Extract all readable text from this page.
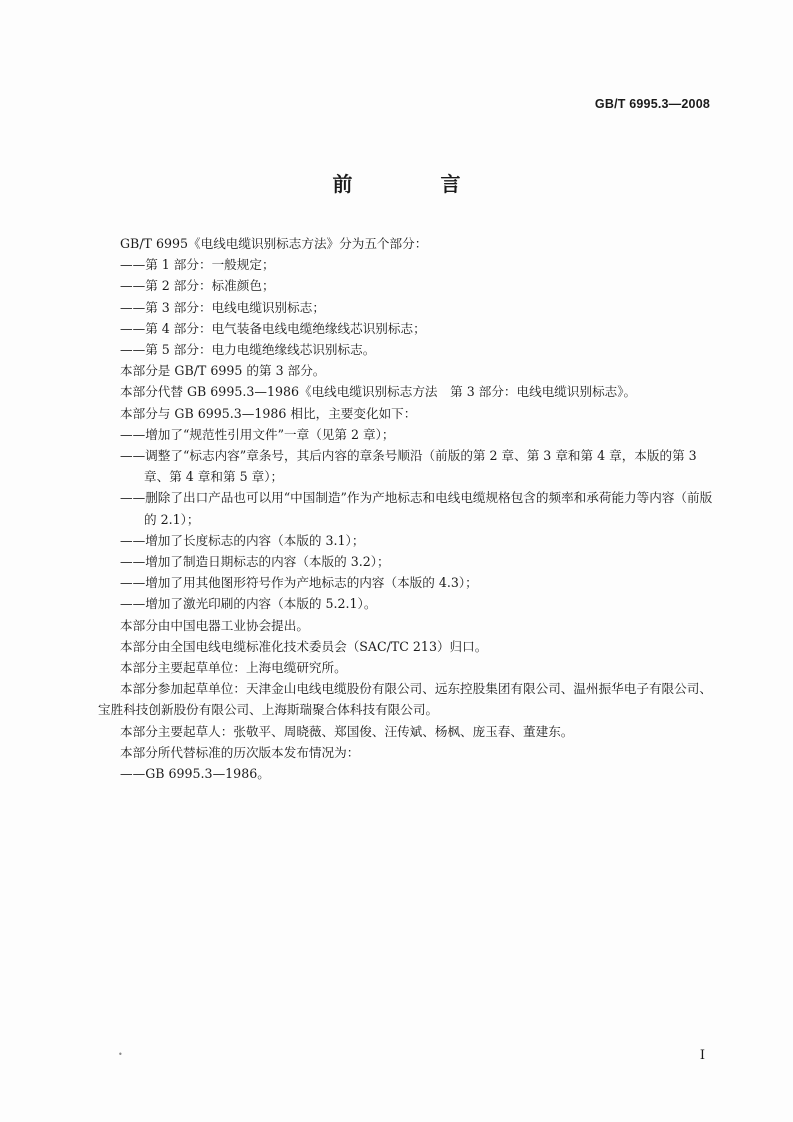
GB/T 6995.3—2008
前　言

GB/T 6995《电线电缆识别标志方法》分为五个部分：

——第 1 部分：一般规定；

——第 2 部分：标准颜色；

——第 3 部分：电线电缆识别标志；

——第 4 部分：电气装备电线电缆绝缘线芯识别标志；

——第 5 部分：电力电缆绝缘线芯识别标志。

本部分是 GB/T 6995 的第 3 部分。

本部分代替 GB 6995.3—1986《电线电缆识别标志方法　第 3 部分：电线电缆识别标志》。

本部分与 GB 6995.3—1986 相比，主要变化如下：

——增加了“规范性引用文件”一章（见第 2 章）；

——调整了“标志内容”章条号，其后内容的章条号顺沿（前版的第 2 章、第 3 章和第 4 章，本版的第 3 章、第 4 章和第 5 章）；

——删除了出口产品也可以用“中国制造”作为产地标志和电线电缆规格包含的频率和承荷能力等内容（前版的 2.1）；

——增加了长度标志的内容（本版的 3.1）；

——增加了制造日期标志的内容（本版的 3.2）；

——增加了用其他图形符号作为产地标志的内容（本版的 4.3）；

——增加了激光印刷的内容（本版的 5.2.1）。

本部分由中国电器工业协会提出。

本部分由全国电线电缆标准化技术委员会（SAC/TC 213）归口。

本部分主要起草单位：上海电缆研究所。

本部分参加起草单位：天津金山电线电缆股份有限公司、远东控股集团有限公司、温州振华电子有限公司、宝胜科技创新股份有限公司、上海斯瑞聚合体科技有限公司。

本部分主要起草人：张敬平、周晓薇、郑国俊、汪传斌、杨枫、庞玉春、董建东。

本部分所代替标准的历次版本发布情况为：

——GB 6995.3—1986。

•	I
